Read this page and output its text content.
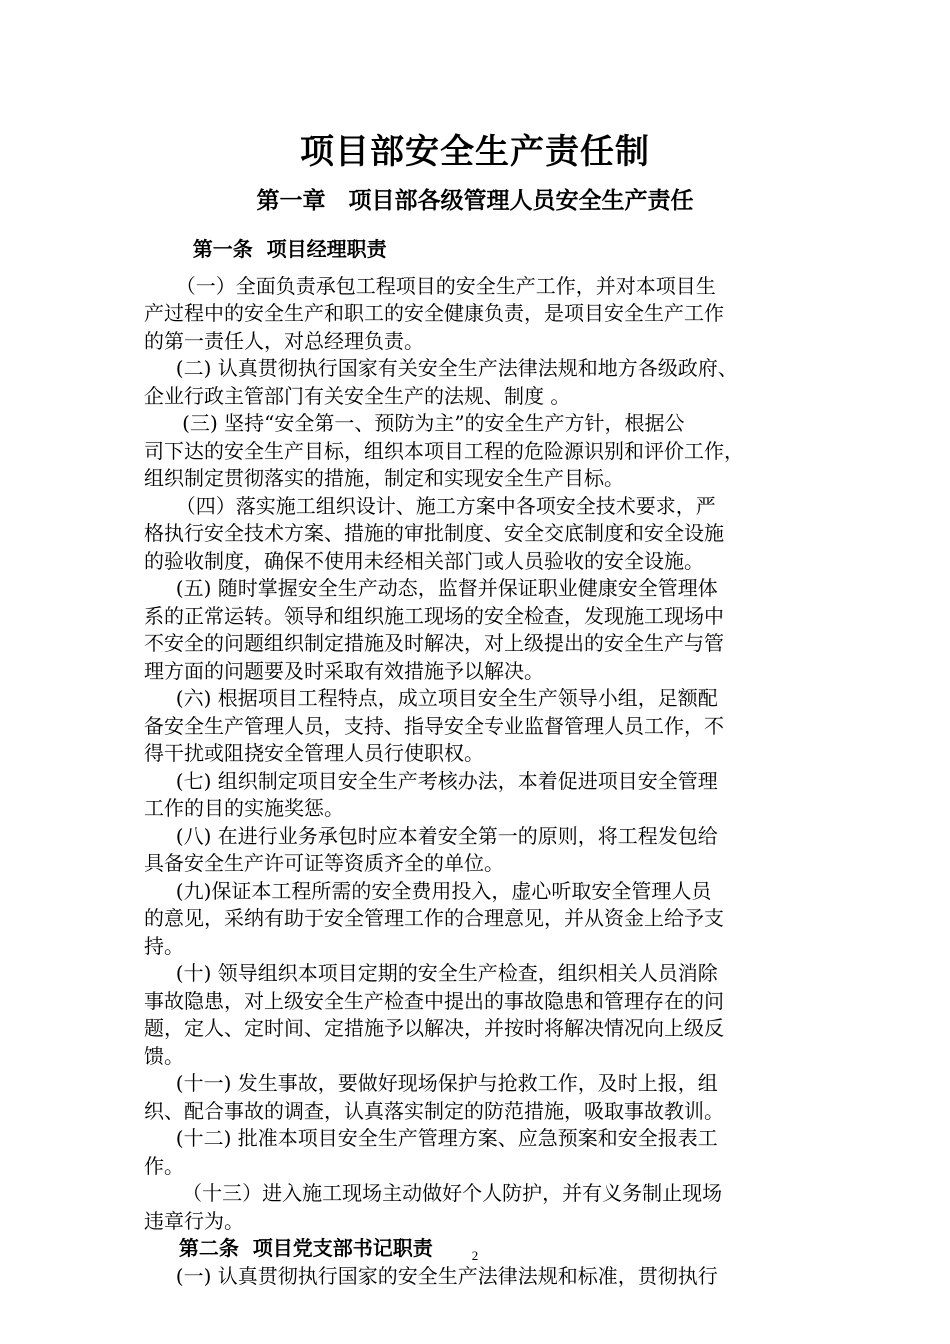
项目部安全生产责任制
第一章　项目部各级管理人员安全生产责任
第一条  项目经理职责
（一）全面负责承包工程项目的安全生产工作，并对本项目生
产过程中的安全生产和职工的安全健康负责，是项目安全生产工作
的第一责任人，对总经理负责。
(二) 认真贯彻执行国家有关安全生产法律法规和地方各级政府、
企业行政主管部门有关安全生产的法规、制度 。
(三) 坚持“安全第一、预防为主”的安全生产方针，根据公
司下达的安全生产目标，组织本项目工程的危险源识别和评价工作，
组织制定贯彻落实的措施，制定和实现安全生产目标。
（四）落实施工组织设计、施工方案中各项安全技术要求，严
格执行安全技术方案、措施的审批制度、安全交底制度和安全设施
的验收制度，确保不使用未经相关部门或人员验收的安全设施。
(五) 随时掌握安全生产动态，监督并保证职业健康安全管理体
系的正常运转。领导和组织施工现场的安全检查，发现施工现场中
不安全的问题组织制定措施及时解决，对上级提出的安全生产与管
理方面的问题要及时采取有效措施予以解决。
(六) 根据项目工程特点，成立项目安全生产领导小组，足额配
备安全生产管理人员，支持、指导安全专业监督管理人员工作，不
得干扰或阻挠安全管理人员行使职权。
(七) 组织制定项目安全生产考核办法，本着促进项目安全管理
工作的目的实施奖惩。
(八) 在进行业务承包时应本着安全第一的原则，将工程发包给
具备安全生产许可证等资质齐全的单位。
(九)保证本工程所需的安全费用投入，虚心听取安全管理人员
的意见，采纳有助于安全管理工作的合理意见，并从资金上给予支
持。
(十) 领导组织本项目定期的安全生产检查，组织相关人员消除
事故隐患，对上级安全生产检查中提出的事故隐患和管理存在的问
题，定人、定时间、定措施予以解决，并按时将解决情况向上级反
馈。
(十一) 发生事故，要做好现场保护与抢救工作，及时上报，组
织、配合事故的调查，认真落实制定的防范措施，吸取事故教训。
(十二) 批准本项目安全生产管理方案、应急预案和安全报表工
作。
（十三）进入施工现场主动做好个人防护，并有义务制止现场
违章行为。
第二条  项目党支部书记职责
(一) 认真贯彻执行国家的安全生产法律法规和标准，贯彻执行
2
